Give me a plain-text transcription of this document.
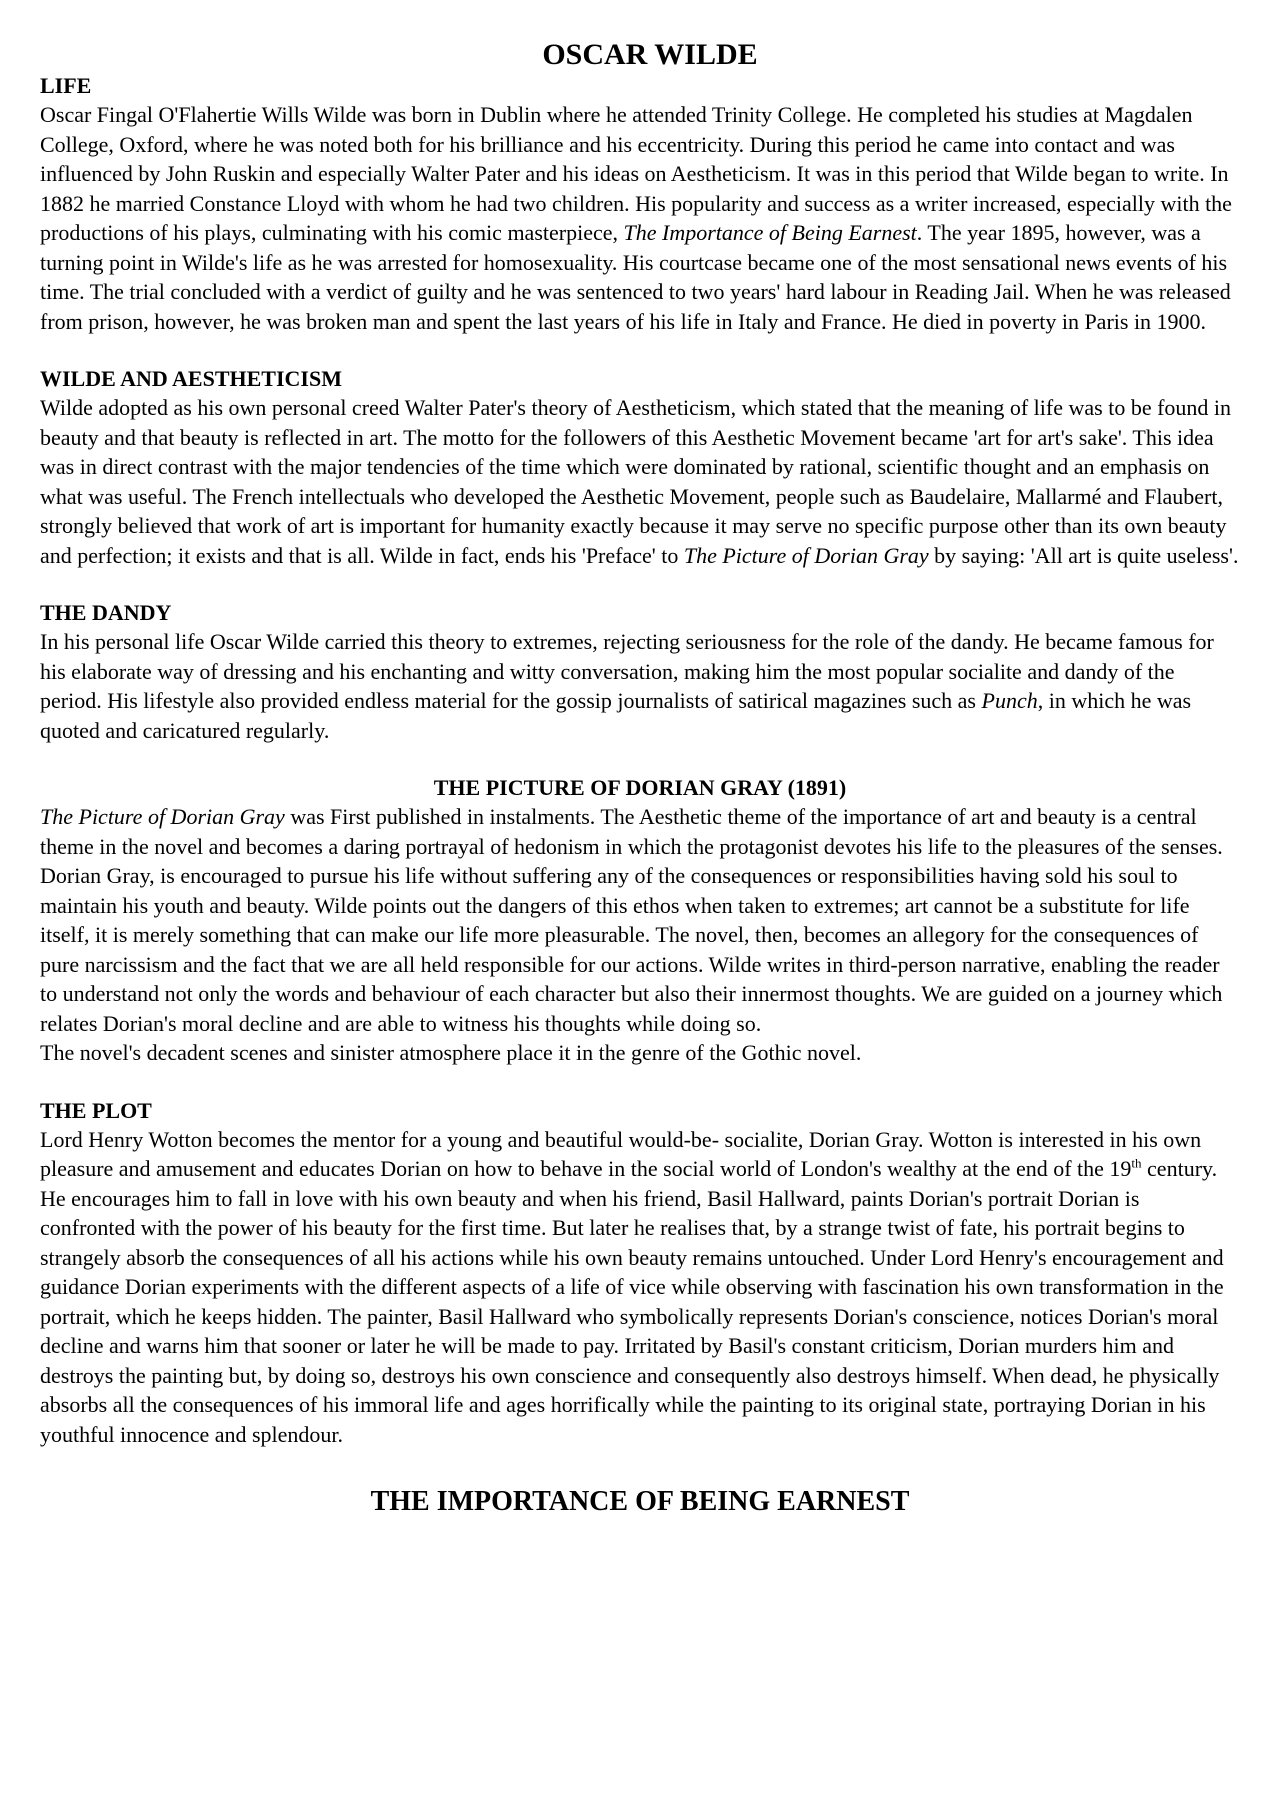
OSCAR WILDE
LIFE

Oscar Fingal O'Flahertie Wills Wilde was born in Dublin where he attended Trinity College. He completed his studies at Magdalen College, Oxford, where he was noted both for his brilliance and his eccentricity. During this period he came into contact and was influenced by John Ruskin and especially Walter Pater and his ideas on Aestheticism. It was in this period that Wilde began to write. In 1882 he married Constance Lloyd with whom he had two children. His popularity and success as a writer increased, especially with the productions of his plays, culminating with his comic masterpiece, The Importance of Being Earnest. The year 1895, however, was a turning point in Wilde's life as he was arrested for homosexuality. His courtcase became one of the most sensational news events of his time. The trial concluded with a verdict of guilty and he was sentenced to two years' hard labour in Reading Jail. When he was released from prison, however, he was broken man and spent the last years of his life in Italy and France. He died in poverty in Paris in 1900.

WILDE AND AESTHETICISM

Wilde adopted as his own personal creed Walter Pater's theory of Aestheticism, which stated that the meaning of life was to be found in beauty and that beauty is reflected in art. The motto for the followers of this Aesthetic Movement became 'art for art's sake'. This idea was in direct contrast with the major tendencies of the time which were dominated by rational, scientific thought and an emphasis on what was useful. The French intellectuals who developed the Aesthetic Movement, people such as Baudelaire, Mallarmé and Flaubert, strongly believed that work of art is important for humanity exactly because it may serve no specific purpose other than its own beauty and perfection; it exists and that is all. Wilde in fact, ends his 'Preface' to The Picture of Dorian Gray by saying: 'All art is quite useless'.

THE DANDY

In his personal life Oscar Wilde carried this theory to extremes, rejecting seriousness for the role of the dandy. He became famous for his elaborate way of dressing and his enchanting and witty conversation, making him the most popular socialite and dandy of the period. His lifestyle also provided endless material for the gossip journalists of satirical magazines such as Punch, in which he was quoted and caricatured regularly.

THE PICTURE OF DORIAN GRAY (1891)

The Picture of Dorian Gray was First published in instalments. The Aesthetic theme of the importance of art and beauty is a central theme in the novel and becomes a daring portrayal of hedonism in which the protagonist devotes his life to the pleasures of the senses. Dorian Gray, is encouraged to pursue his life without suffering any of the consequences or responsibilities having sold his soul to maintain his youth and beauty. Wilde points out the dangers of this ethos when taken to extremes; art cannot be a substitute for life itself, it is merely something that can make our life more pleasurable. The novel, then, becomes an allegory for the consequences of pure narcissism and the fact that we are all held responsible for our actions. Wilde writes in third-person narrative, enabling the reader to understand not only the words and behaviour of each character but also their innermost thoughts. We are guided on a journey which relates Dorian's moral decline and are able to witness his thoughts while doing so.

The novel's decadent scenes and sinister atmosphere place it in the genre of the Gothic novel.

THE PLOT

Lord Henry Wotton becomes the mentor for a young and beautiful would-be- socialite, Dorian Gray. Wotton is interested in his own pleasure and amusement and educates Dorian on how to behave in the social world of London's wealthy at the end of the 19th century. He encourages him to fall in love with his own beauty and when his friend, Basil Hallward, paints Dorian's portrait Dorian is confronted with the power of his beauty for the first time. But later he realises that, by a strange twist of fate, his portrait begins to strangely absorb the consequences of all his actions while his own beauty remains untouched. Under Lord Henry's encouragement and guidance Dorian experiments with the different aspects of a life of vice while observing with fascination his own transformation in the portrait, which he keeps hidden. The painter, Basil Hallward who symbolically represents Dorian's conscience, notices Dorian's moral decline and warns him that sooner or later he will be made to pay. Irritated by Basil's constant criticism, Dorian murders him and destroys the painting but, by doing so, destroys his own conscience and consequently also destroys himself. When dead, he physically absorbs all the consequences of his immoral life and ages horrifically while the painting to its original state, portraying Dorian in his youthful innocence and splendour.

THE IMPORTANCE OF BEING EARNEST
